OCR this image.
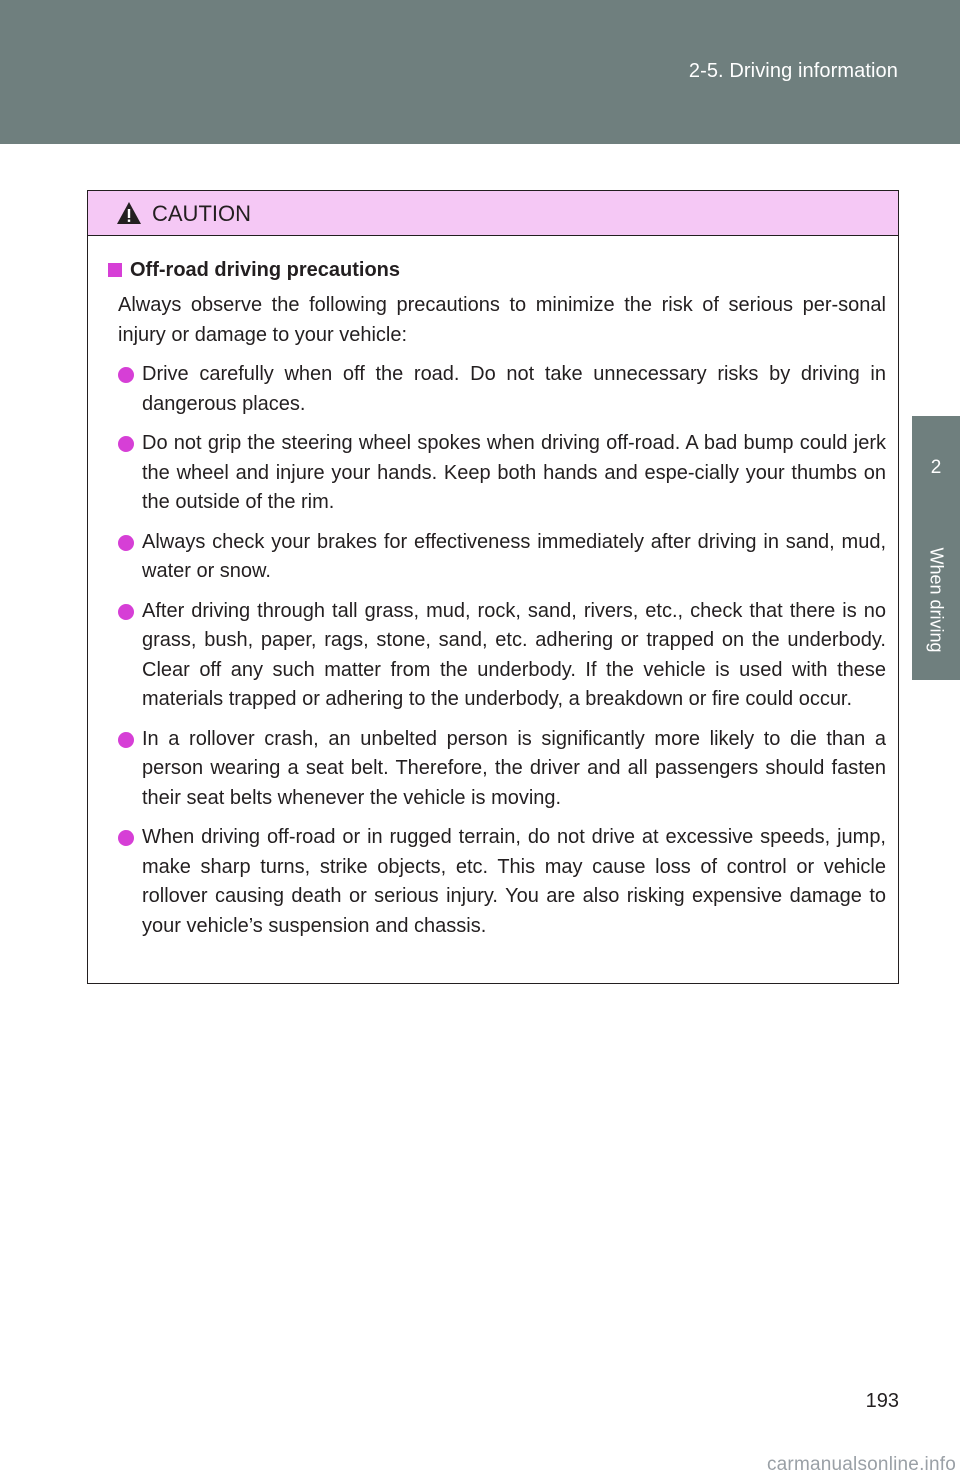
2-5. Driving information
2
When driving
CAUTION
Off-road driving precautions
Always observe the following precautions to minimize the risk of serious per-sonal injury or damage to your vehicle:
Drive carefully when off the road. Do not take unnecessary risks by driving in dangerous places.
Do not grip the steering wheel spokes when driving off-road. A bad bump could jerk the wheel and injure your hands. Keep both hands and espe-cially your thumbs on the outside of the rim.
Always check your brakes for effectiveness immediately after driving in sand, mud, water or snow.
After driving through tall grass, mud, rock, sand, rivers, etc., check that there is no grass, bush, paper, rags, stone, sand, etc. adhering or trapped on the underbody. Clear off any such matter from the underbody. If the vehicle is used with these materials trapped or adhering to the underbody, a breakdown or fire could occur.
In a rollover crash, an unbelted person is significantly more likely to die than a person wearing a seat belt. Therefore, the driver and all passengers should fasten their seat belts whenever the vehicle is moving.
When driving off-road or in rugged terrain, do not drive at excessive speeds, jump, make sharp turns, strike objects, etc. This may cause loss of control or vehicle rollover causing death or serious injury. You are also risking expensive damage to your vehicle’s suspension and chassis.
193
carmanualsonline.info
